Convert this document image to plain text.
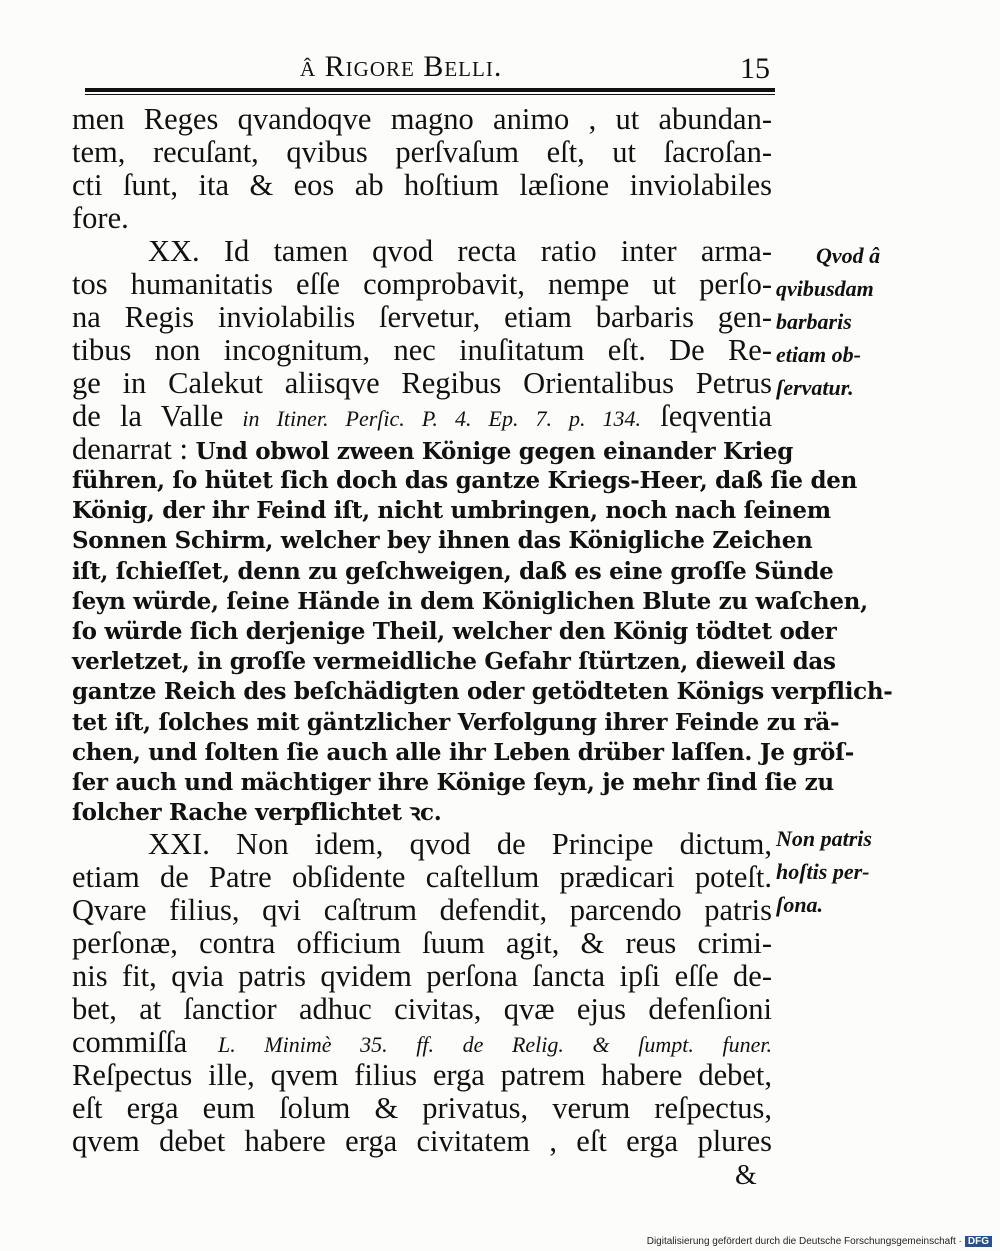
â Rigore Belli.	15
men Reges qvandoqve magno animo , ut abundan-
tem, recuſant, qvibus perſvaſum eſt, ut ſacroſan-
cti ſunt, ita & eos ab hoſtium læſione inviolabiles
fore.
XX. Id tamen qvod recta ratio inter arma-
tos humanitatis eſſe comprobavit, nempe ut perſo-
na Regis inviolabilis ſervetur, etiam barbaris gen-
tibus non incognitum, nec inuſitatum eſt. De Re-
ge in Calekut aliisqve Regibus Orientalibus Petrus
de la Valle in Itiner. Perſic. P. 4. Ep. 7. p. 134. ſeqventia
denarrat : Und obwol zween Könige gegen einander Krieg
führen, ſo hütet ſich doch das gantze Kriegs-Heer, daß ſie den
König, der ihr Feind iſt, nicht umbringen, noch nach ſeinem
Sonnen Schirm, welcher bey ihnen das Königliche Zeichen
iſt, ſchieſſet, denn zu geſchweigen, daß es eine groſſe Sünde
ſeyn würde, ſeine Hände in dem Königlichen Blute zu waſchen,
ſo würde ſich derjenige Theil, welcher den König tödtet oder
verletzet, in groſſe vermeidliche Gefahr ſtürtzen, dieweil das
gantze Reich des beſchädigten oder getödteten Königs verpflich-
tet iſt, ſolches mit gäntzlicher Verfolgung ihrer Feinde zu rä-
chen, und ſolten ſie auch alle ihr Leben drüber laſſen. Je gröſ-
ſer auch und mächtiger ihre Könige ſeyn, je mehr ſind ſie zu
ſolcher Rache verpflichtet ꝛc.
XXI. Non idem, qvod de Principe dictum,
etiam de Patre obſidente caſtellum prædicari poteſt.
Qvare filius, qvi caſtrum defendit, parcendo patris
perſonæ, contra officium ſuum agit, & reus crimi-
nis fit, qvia patris qvidem perſona ſancta ipſi eſſe de-
bet, at ſanctior adhuc civitas, qvæ ejus defenſioni
commiſſa L. Minimè 35. ff. de Relig. & ſumpt. funer.
Reſpectus ille, qvem filius erga patrem habere debet,
eſt erga eum ſolum & privatus, verum reſpectus,
qvem debet habere erga civitatem , eſt erga plures
Qvod â
qvibusdam
barbaris
etiam ob-
ſervatur.
Non patris
hoſtis per-
ſona.
&
Digitalisierung gefördert durch die Deutsche Forschungsgemeinschaft · DFG
